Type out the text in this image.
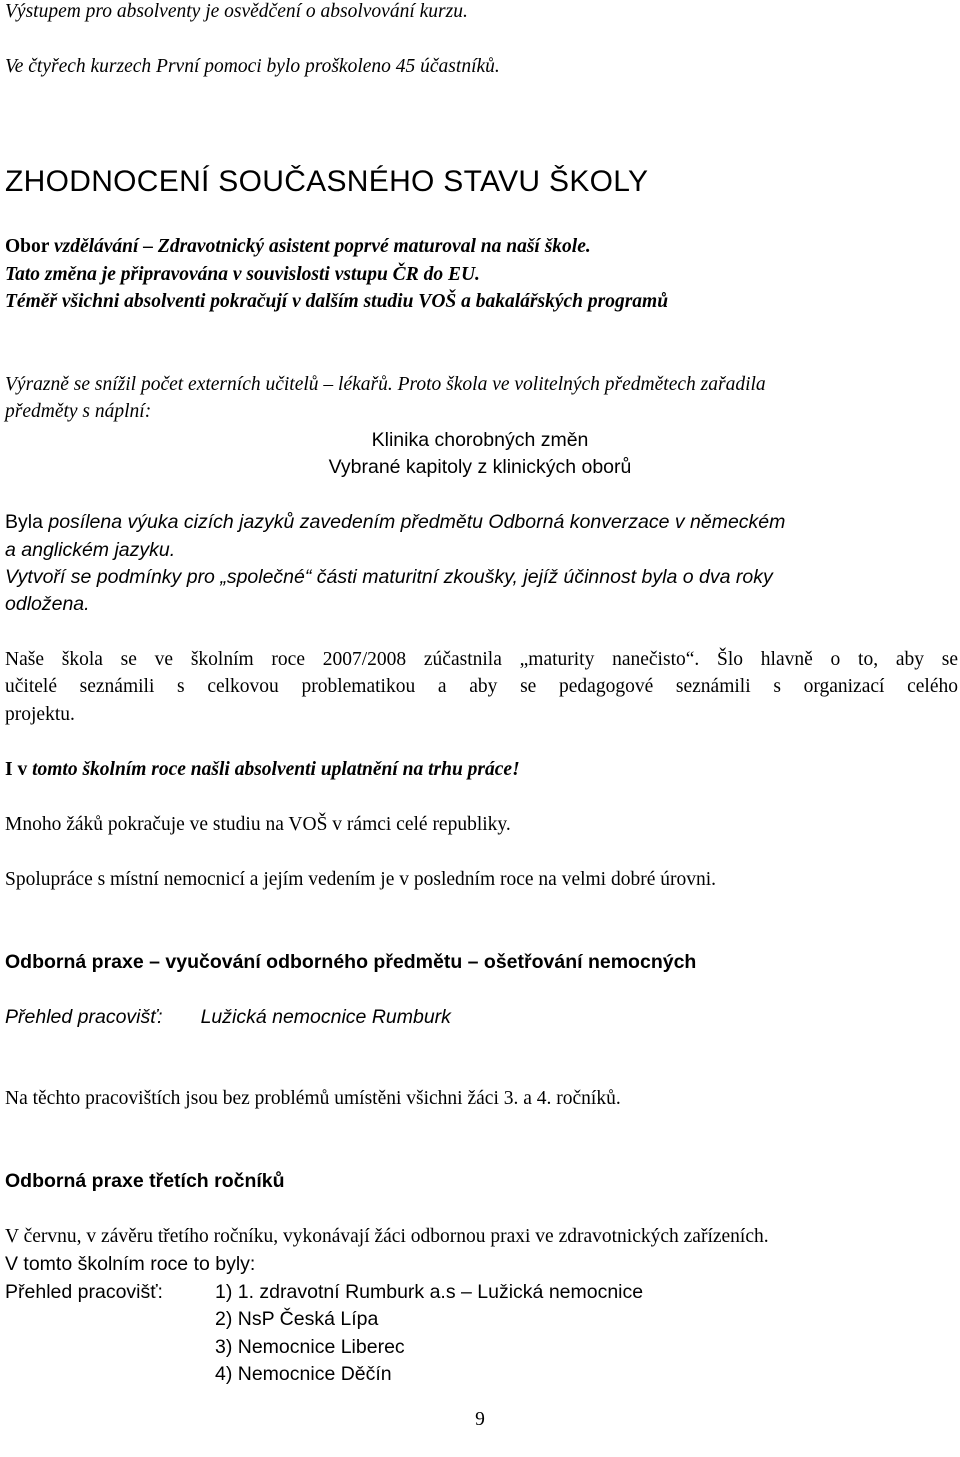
Výstupem pro absolventy je osvědčení o absolvování kurzu.
Ve čtyřech kurzech První pomoci bylo proškoleno 45 účastníků.
ZHODNOCENÍ SOUČASNÉHO STAVU ŠKOLY
Obor vzdělávání – Zdravotnický asistent poprvé maturoval na naší škole.
Tato změna je připravována v souvislosti vstupu ČR do EU.
Téměř všichni absolventi pokračují v dalším studiu VOŠ a bakalářských programů
Výrazně se snížil počet externích učitelů – lékařů. Proto škola ve volitelných předmětech zařadila
předměty s náplní:
Klinika chorobných změn
Vybrané kapitoly z klinických oborů
Byla posílena výuka cizích jazyků zavedením předmětu Odborná konverzace v německém
a anglickém jazyku.
Vytvoří se podmínky pro „společné“ části maturitní zkoušky, jejíž účinnost byla o dva roky
odložena.
Naše škola se ve školním roce 2007/2008 zúčastnila „maturity nanečisto“. Šlo hlavně o to, aby se
učitelé seznámili s celkovou problematikou a aby se pedagogové seznámili s organizací celého
projektu.
I v tomto školním roce našli absolventi uplatnění na trhu práce!
Mnoho žáků pokračuje ve studiu na VOŠ v rámci celé republiky.
Spolupráce s místní nemocnicí a jejím vedením je v posledním roce na velmi dobré úrovni.
Odborná praxe – vyučování odborného předmětu – ošetřování nemocných
Přehled pracovišť: Lužická nemocnice Rumburk
Na těchto pracovištích jsou bez problémů umístěni všichni žáci 3. a 4. ročníků.
Odborná praxe třetích ročníků
V červnu, v závěru třetího ročníku, vykonávají žáci odbornou praxi ve zdravotnických zařízeních.
V tomto školním roce to byly:
Přehled pracovišť:	1) 1. zdravotní Rumburk a.s – Lužická nemocnice
2) NsP Česká Lípa
3) Nemocnice Liberec
4) Nemocnice Děčín
9
